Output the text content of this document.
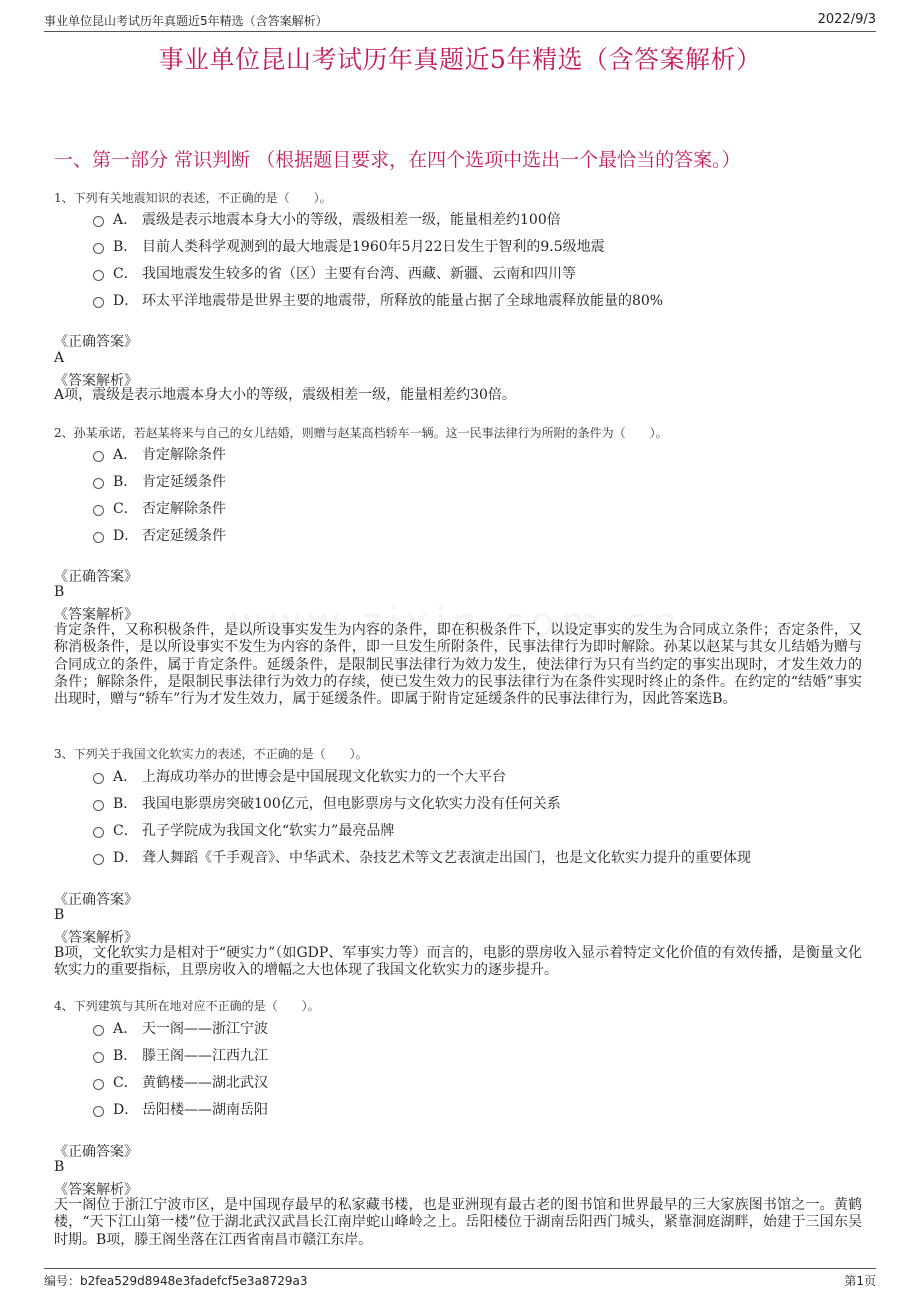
事业单位昆山考试历年真题近5年精选（含答案解析）	2022/9/3
事业单位昆山考试历年真题近5年精选（含答案解析）
一、第一部分 常识判断 （根据题目要求，在四个选项中选出一个最恰当的答案。）
1、下列有关地震知识的表述，不正确的是（　　）。
A． 震级是表示地震本身大小的等级，震级相差一级，能量相差约100倍
B． 目前人类科学观测到的最大地震是1960年5月22日发生于智利的9.5级地震
C． 我国地震发生较多的省（区）主要有台湾、西藏、新疆、云南和四川等
D． 环太平洋地震带是世界主要的地震带，所释放的能量占据了全球地震释放能量的80%
《正确答案》
A
《答案解析》
A项，震级是表示地震本身大小的等级，震级相差一级，能量相差约30倍。
2、孙某承诺，若赵某将来与自己的女儿结婚，则赠与赵某高档轿车一辆。这一民事法律行为所附的条件为（　　）。
A． 肯定解除条件
B． 肯定延缓条件
C． 否定解除条件
D． 否定延缓条件
《正确答案》
B
《答案解析》
肯定条件，又称积极条件，是以所设事实发生为内容的条件，即在积极条件下，以设定事实的发生为合同成立条件；否定条件，又称消极条件，是以所设事实不发生为内容的条件，即一旦发生所附条件，民事法律行为即时解除。孙某以赵某与其女儿结婚为赠与合同成立的条件，属于肯定条件。延缓条件，是限制民事法律行为效力发生，使法律行为只有当约定的事实出现时，才发生效力的条件；解除条件，是限制民事法律行为效力的存续，使已发生效力的民事法律行为在条件实现时终止的条件。在约定的“结婚”事实出现时，赠与“轿车”行为才发生效力，属于延缓条件。即属于附肯定延缓条件的民事法律行为，因此答案选B。
3、下列关于我国文化软实力的表述，不正确的是（　　）。
A． 上海成功举办的世博会是中国展现文化软实力的一个大平台
B． 我国电影票房突破100亿元，但电影票房与文化软实力没有任何关系
C． 孔子学院成为我国文化“软实力”最亮品牌
D． 聋人舞蹈《千手观音》、中华武术、杂技艺术等文艺表演走出国门，也是文化软实力提升的重要体现
《正确答案》
B
《答案解析》
B项，文化软实力是相对于“硬实力”（如GDP、军事实力等）而言的，电影的票房收入显示着特定文化价值的有效传播，是衡量文化软实力的重要指标，且票房收入的增幅之大也体现了我国文化软实力的逐步提升。
4、下列建筑与其所在地对应不正确的是（　　）。
A． 天一阁——浙江宁波
B． 滕王阁——江西九江
C． 黄鹤楼——湖北武汉
D． 岳阳楼——湖南岳阳
《正确答案》
B
《答案解析》
天一阁位于浙江宁波市区，是中国现存最早的私家藏书楼，也是亚洲现有最古老的图书馆和世界最早的三大家族图书馆之一。黄鹤楼，“天下江山第一楼”位于湖北武汉武昌长江南岸蛇山峰岭之上。岳阳楼位于湖南岳阳西门城头，紧靠洞庭湖畔，始建于三国东吴时期。B项，滕王阁坐落在江西省南昌市赣江东岸。
编号：b2fea529d8948e3fadefcf5e3a8729a3	第1页
